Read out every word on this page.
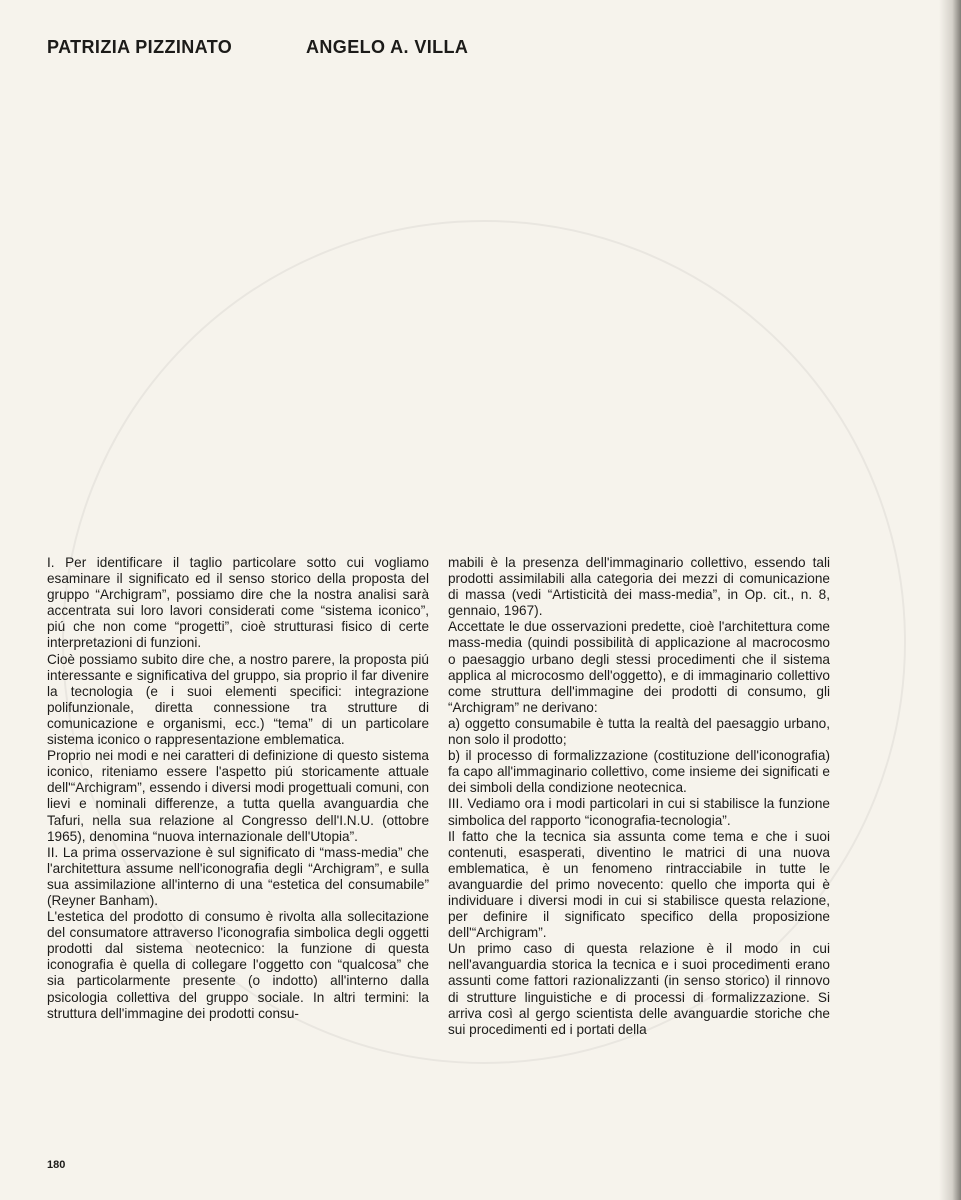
PATRIZIA PIZZINATO	ANGELO A. VILLA

I. Per identificare il taglio particolare sotto cui vogliamo esaminare il significato ed il senso storico della proposta del gruppo “Archigram”, possiamo dire che la nostra analisi sarà accentrata sui loro lavori considerati come “sistema iconico”, piú che non come “progetti”, cioè strutturasi fisico di certe interpretazioni di funzioni.

Cioè possiamo subito dire che, a nostro parere, la proposta piú interessante e significativa del gruppo, sia proprio il far divenire la tecnologia (e i suoi elementi specifici: integrazione polifunzionale, diretta connessione tra strutture di comunicazione e organismi, ecc.) “tema” di un particolare sistema iconico o rappresentazione emblematica.

Proprio nei modi e nei caratteri di definizione di questo sistema iconico, riteniamo essere l'aspetto piú storicamente attuale dell'“Archigram”, essendo i diversi modi progettuali comuni, con lievi e nominali differenze, a tutta quella avanguardia che Tafuri, nella sua relazione al Congresso dell'I.N.U. (ottobre 1965), denomina “nuova internazionale dell'Utopia”.

II. La prima osservazione è sul significato di “mass-media” che l'architettura assume nell'iconografia degli “Archigram”, e sulla sua assimilazione all'interno di una “estetica del consumabile” (Reyner Banham).

L'estetica del prodotto di consumo è rivolta alla sollecitazione del consumatore attraverso l'iconografia simbolica degli oggetti prodotti dal sistema neotecnico: la funzione di questa iconografia è quella di collegare l'oggetto con “qualcosa” che sia particolarmente presente (o indotto) all'interno dalla psicologia collettiva del gruppo sociale. In altri termini: la struttura dell'immagine dei prodotti consu-

mabili è la presenza dell'immaginario collettivo, essendo tali prodotti assimilabili alla categoria dei mezzi di comunicazione di massa (vedi “Artisticità dei mass-media”, in Op. cit., n. 8, gennaio, 1967).

Accettate le due osservazioni predette, cioè l'architettura come mass-media (quindi possibilità di applicazione al macrocosmo o paesaggio urbano degli stessi procedimenti che il sistema applica al microcosmo dell'oggetto), e di immaginario collettivo come struttura dell'immagine dei prodotti di consumo, gli “Archigram” ne derivano:

a) oggetto consumabile è tutta la realtà del paesaggio urbano, non solo il prodotto;

b) il processo di formalizzazione (costituzione dell'iconografia) fa capo all'immaginario collettivo, come insieme dei significati e dei simboli della condizione neotecnica.

III. Vediamo ora i modi particolari in cui si stabilisce la funzione simbolica del rapporto “iconografia-tecnologia”.

Il fatto che la tecnica sia assunta come tema e che i suoi contenuti, esasperati, diventino le matrici di una nuova emblematica, è un fenomeno rintracciabile in tutte le avanguardie del primo novecento: quello che importa qui è individuare i diversi modi in cui si stabilisce questa relazione, per definire il significato specifico della proposizione dell'“Archigram”.

Un primo caso di questa relazione è il modo in cui nell'avanguardia storica la tecnica e i suoi procedimenti erano assunti come fattori razionalizzanti (in senso storico) il rinnovo di strutture linguistiche e di processi di formalizzazione. Si arriva così al gergo scientista delle avanguardie storiche che sui procedimenti ed i portati della

180
